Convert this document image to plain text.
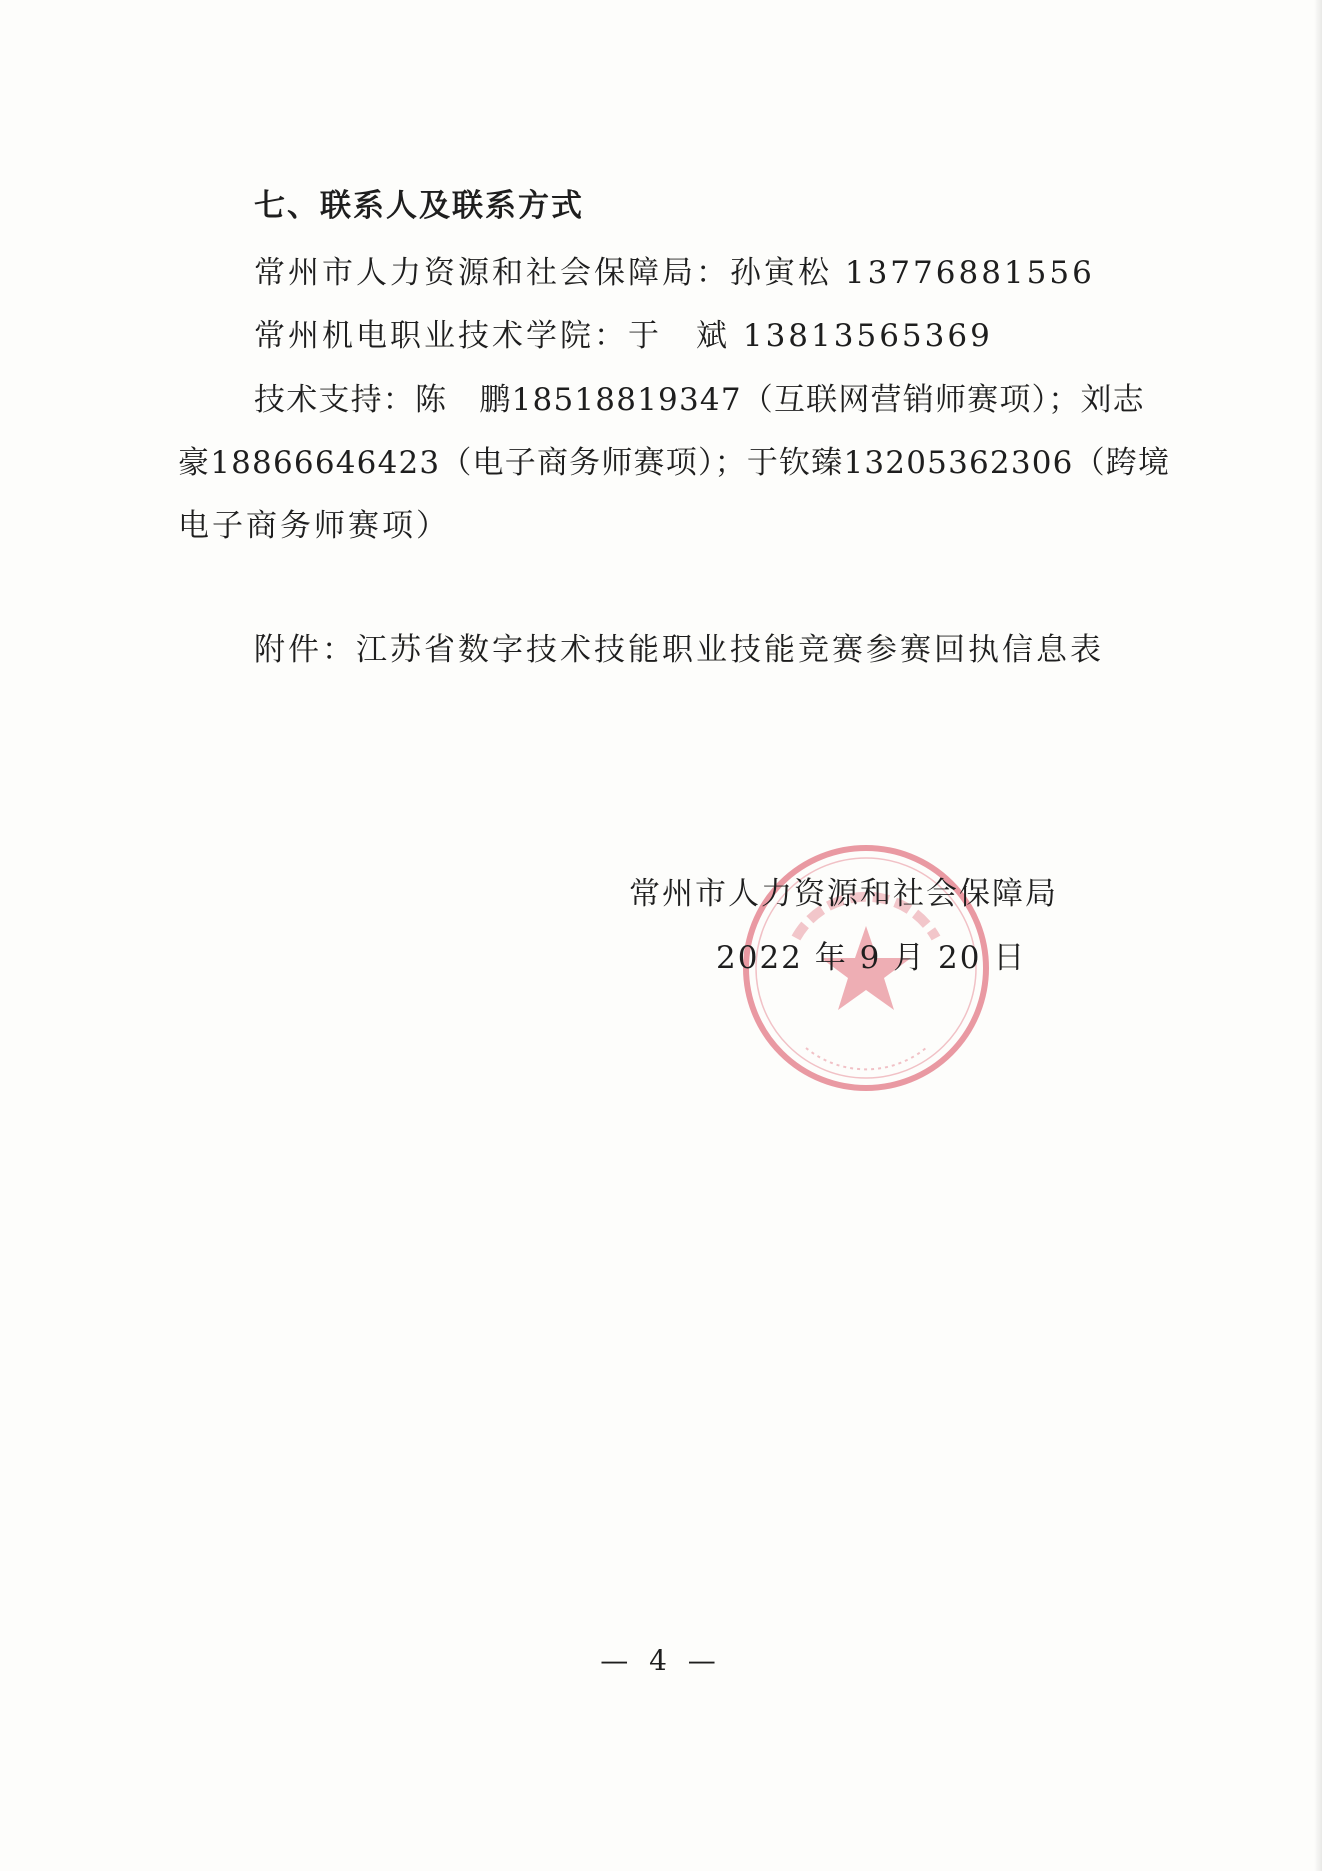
七、联系人及联系方式
常州市人力资源和社会保障局：孙寅松 13776881556
常州机电职业技术学院：于　斌 13813565369
技术支持：陈　鹏18518819347（互联网营销师赛项）；刘志
豪18866646423（电子商务师赛项）；于钦臻13205362306（跨境
电子商务师赛项）
附件：江苏省数字技术技能职业技能竞赛参赛回执信息表
常州市人力资源和社会保障局
2022 年 9 月 20 日
— 4 —
